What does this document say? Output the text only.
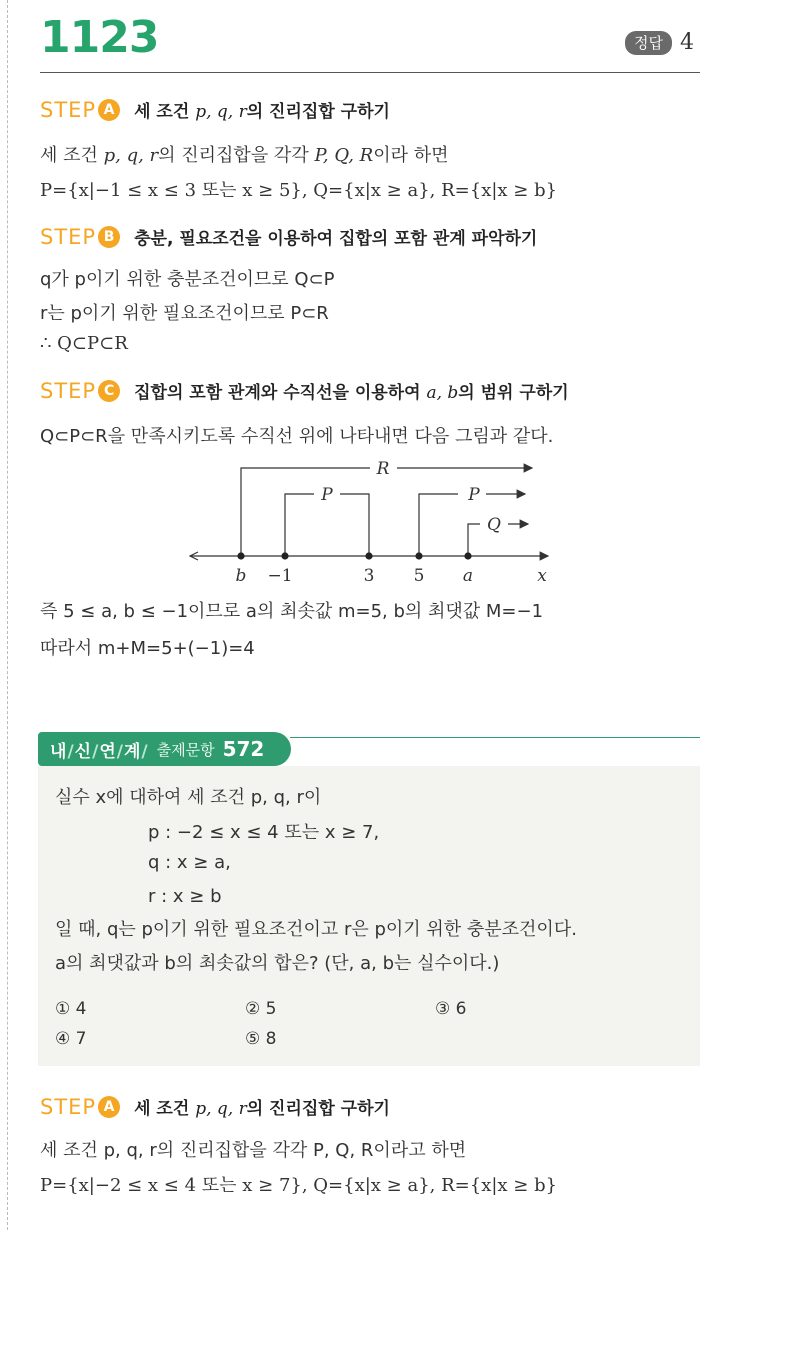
1123	정답 4
STEP A	세 조건 p, q, r의 진리집합 구하기
세 조건 p, q, r의 진리집합을 각각 P, Q, R이라 하면
P={x|−1 ≤ x ≤ 3 또는 x ≥ 5}, Q={x|x ≥ a}, R={x|x ≥ b}
STEP B	충분, 필요조건을 이용하여 집합의 포함 관계 파악하기
q가 p이기 위한 충분조건이므로 Q⊂P
r는 p이기 위한 필요조건이므로 P⊂R
∴ Q⊂P⊂R
STEP C	집합의 포함 관계와 수직선을 이용하여 a, b의 범위 구하기
Q⊂P⊂R을 만족시키도록 수직선 위에 나타내면 다음 그림과 같다.
R
P	P
Q
b −1	3 5 a	x
즉 5 ≤ a, b ≤ −1이므로 a의 최솟값 m=5, b의 최댓값 M=−1
따라서 m+M=5+(−1)=4
내/신/연/계/ 출제문항 572
실수 x에 대하여 세 조건 p, q, r이
p : −2 ≤ x ≤ 4 또는 x ≥ 7,
q : x ≥ a,
r : x ≥ b
일 때, q는 p이기 위한 필요조건이고 r은 p이기 위한 충분조건이다.
a의 최댓값과 b의 최솟값의 합은? (단, a, b는 실수이다.)
① 4	② 5	③ 6
④ 7	⑤ 8
STEP A	세 조건 p, q, r의 진리집합 구하기
세 조건 p, q, r의 진리집합을 각각 P, Q, R이라고 하면
P={x|−2 ≤ x ≤ 4 또는 x ≥ 7}, Q={x|x ≥ a}, R={x|x ≥ b}
